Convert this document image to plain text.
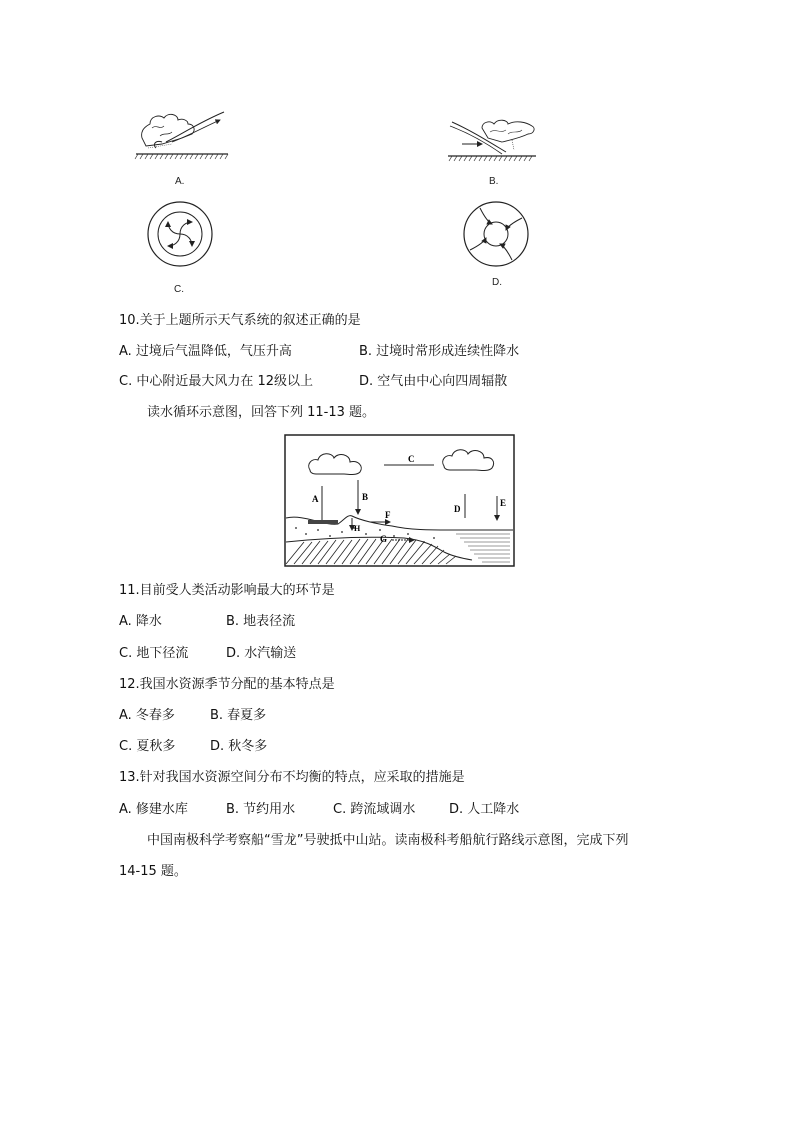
A.	B.
C.
D.
10.关于上题所示天气系统的叙述正确的是
A. 过境后气温降低，气压升高	B. 过境时常形成连续性降水
C. 中心附近最大风力在 12级以上	D. 空气由中心向四周辐散
读水循环示意图，回答下列 11-13 题。
A	B
C
D
E
F
G
H
11.目前受人类活动影响最大的环节是
A. 降水	B. 地表径流
C. 地下径流	D. 水汽输送
12.我国水资源季节分配的基本特点是
A. 冬春多	B. 春夏多
C. 夏秋多	D. 秋冬多
13.针对我国水资源空间分布不均衡的特点，应采取的措施是
A. 修建水库	B. 节约用水	C. 跨流域调水	D. 人工降水
中国南极科学考察船“雪龙”号驶抵中山站。读南极科考船航行路线示意图，完成下列
14-15 题。
